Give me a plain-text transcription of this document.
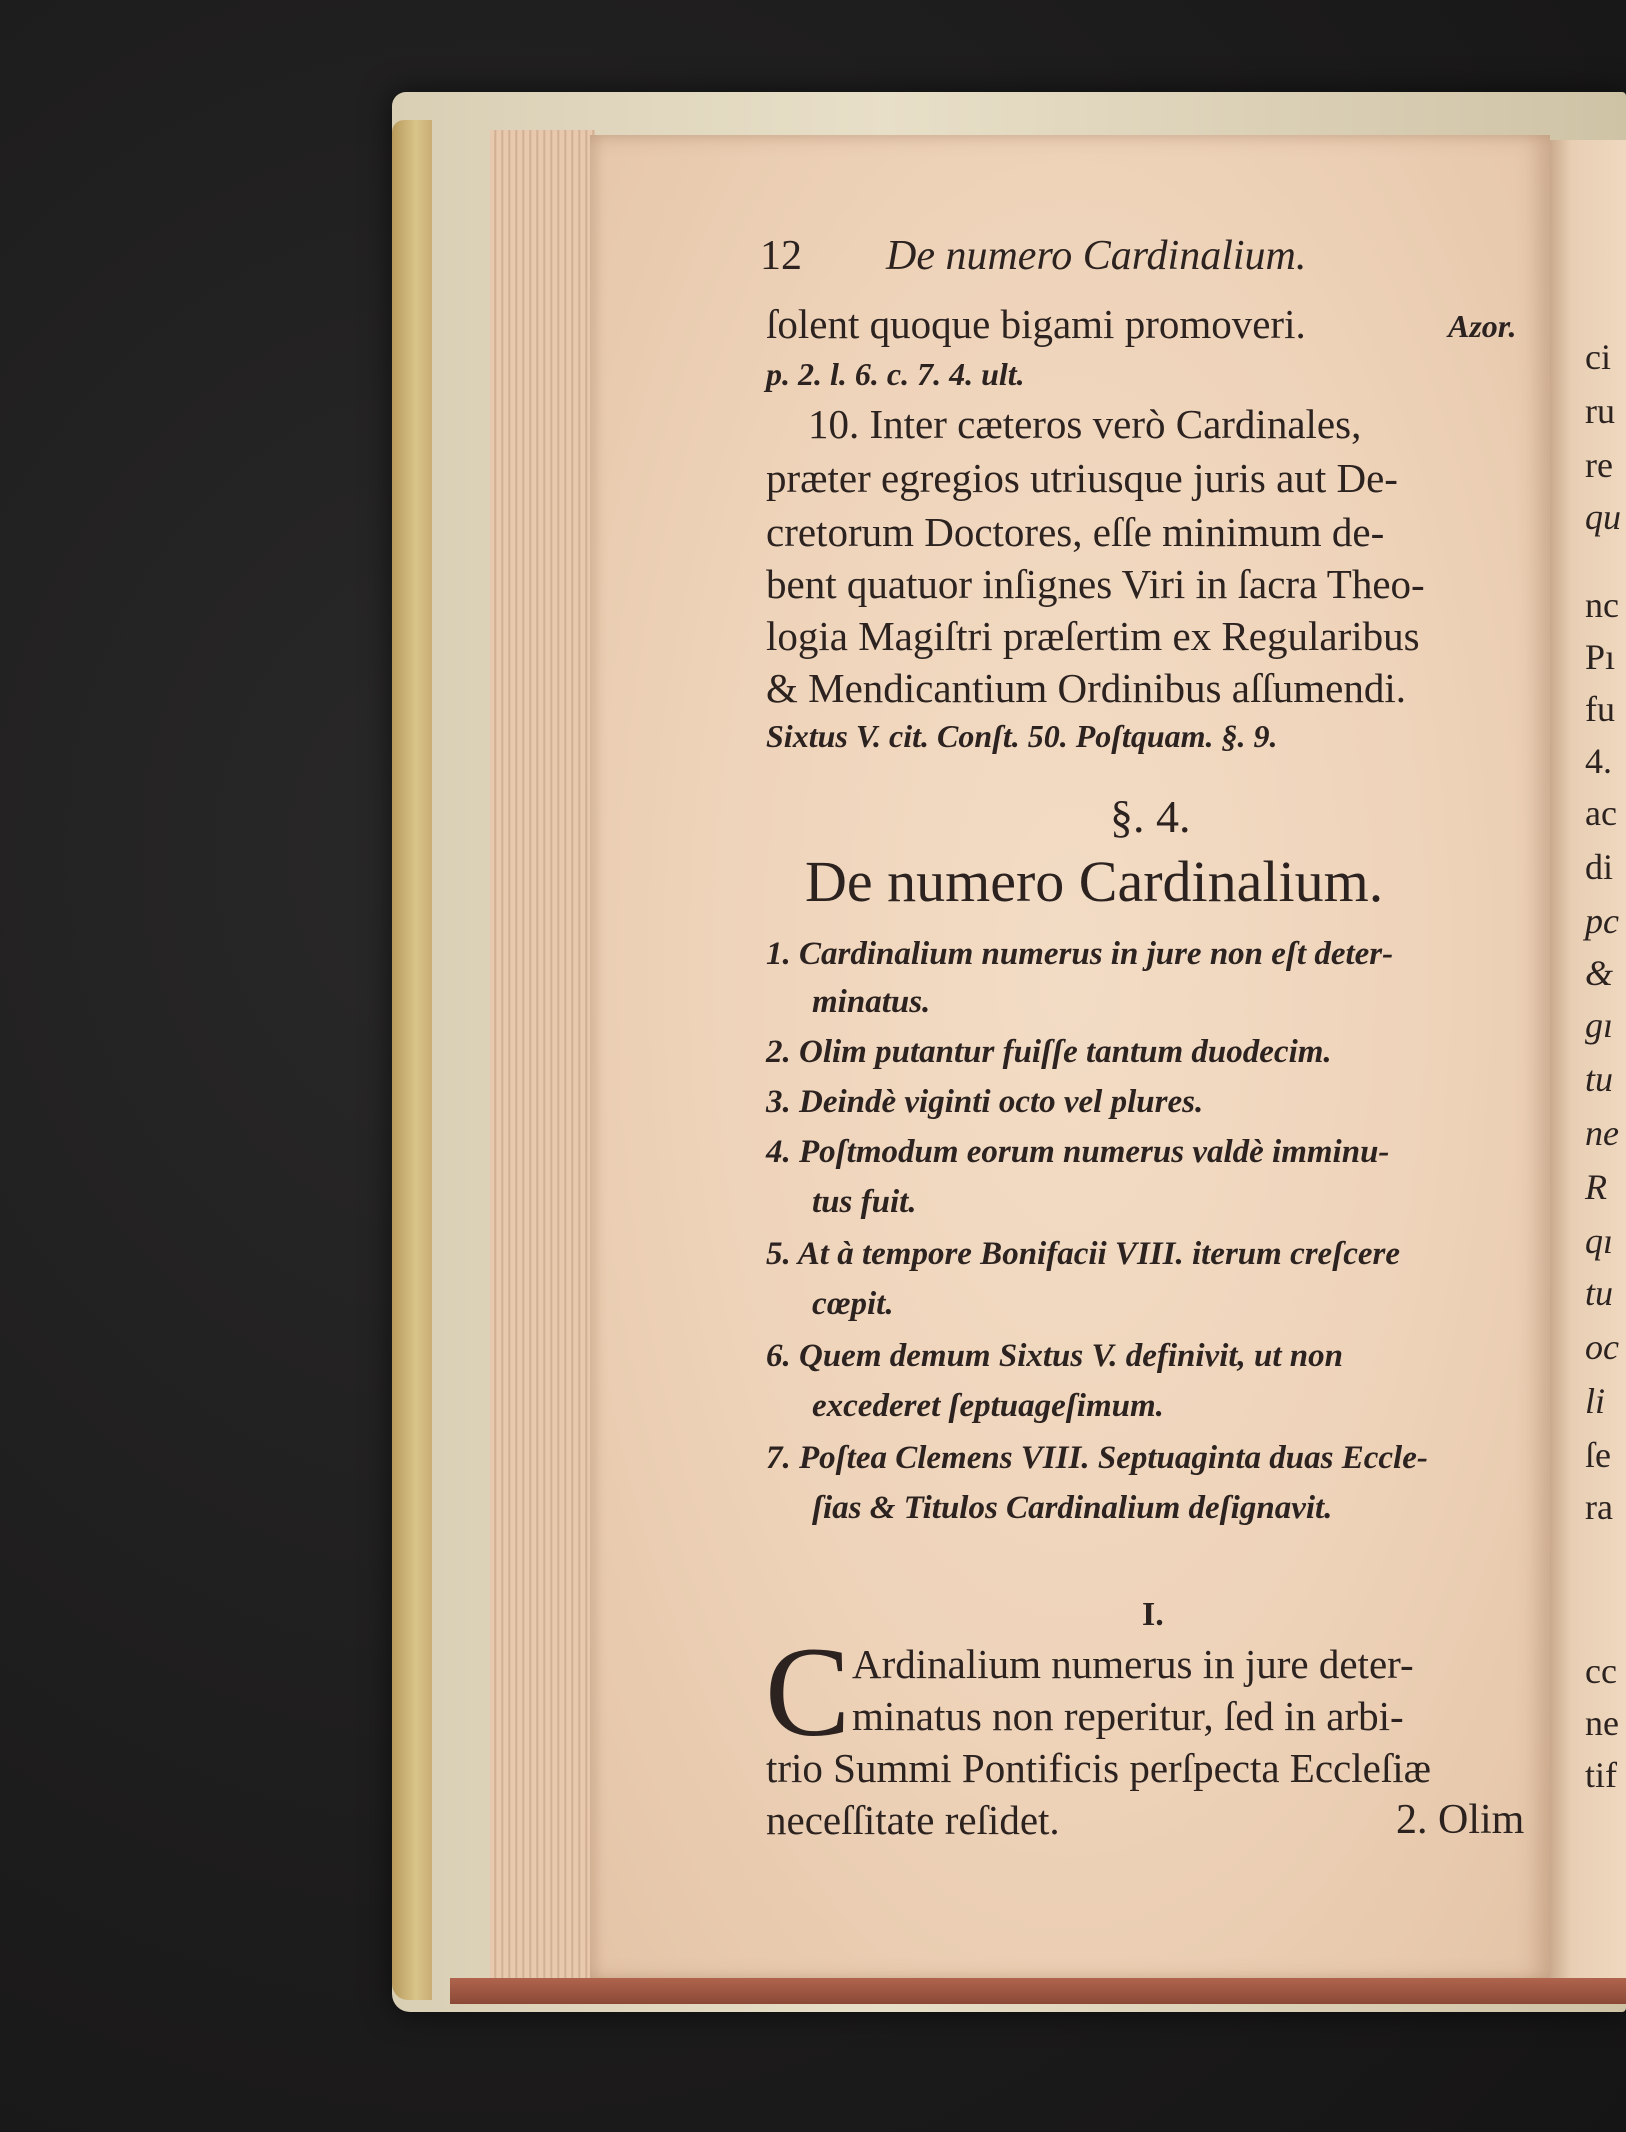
12 De numero Cardinalium.
ſolent quoque bigami promoveri.	Azor.
p. 2. l. 6. c. 7. 4. ult.
10. Inter cæteros verò Cardinales,
præter egregios utriusque juris aut De-
cretorum Doctores, eſſe minimum de-
bent quatuor inſignes Viri in ſacra Theo-
logia Magiſtri præſertim ex Regularibus
& Mendicantium Ordinibus aſſumendi.
Sixtus V. cit. Conſt. 50. Poſtquam. §. 9.
§. 4.
De numero Cardinalium.
1. Cardinalium numerus in jure non eſt deter-
minatus.
2. Olim putantur fuiſſe tantum duodecim.
3. Deindè viginti octo vel plures.
4. Poſtmodum eorum numerus valdè imminu-
tus fuit.
5. At à tempore Bonifacii VIII. iterum creſcere
cœpit.
6. Quem demum Sixtus V. definivit, ut non
excederet ſeptuageſimum.
7. Poſtea Clemens VIII. Septuaginta duas Eccle-
ſias & Titulos Cardinalium deſignavit.
I.
C Ardinalium numerus in jure deter-
minatus non reperitur, ſed in arbi-
trio Summi Pontificis perſpecta Eccleſiæ
neceſſitate reſidet.	2. Olim
ci
ru
re
qu
nc
Pı
fu
4.
ac
di
pc
&
gı
tu
ne
R
qı
tu
oc
li
ſe
ra
cc
ne
tif
